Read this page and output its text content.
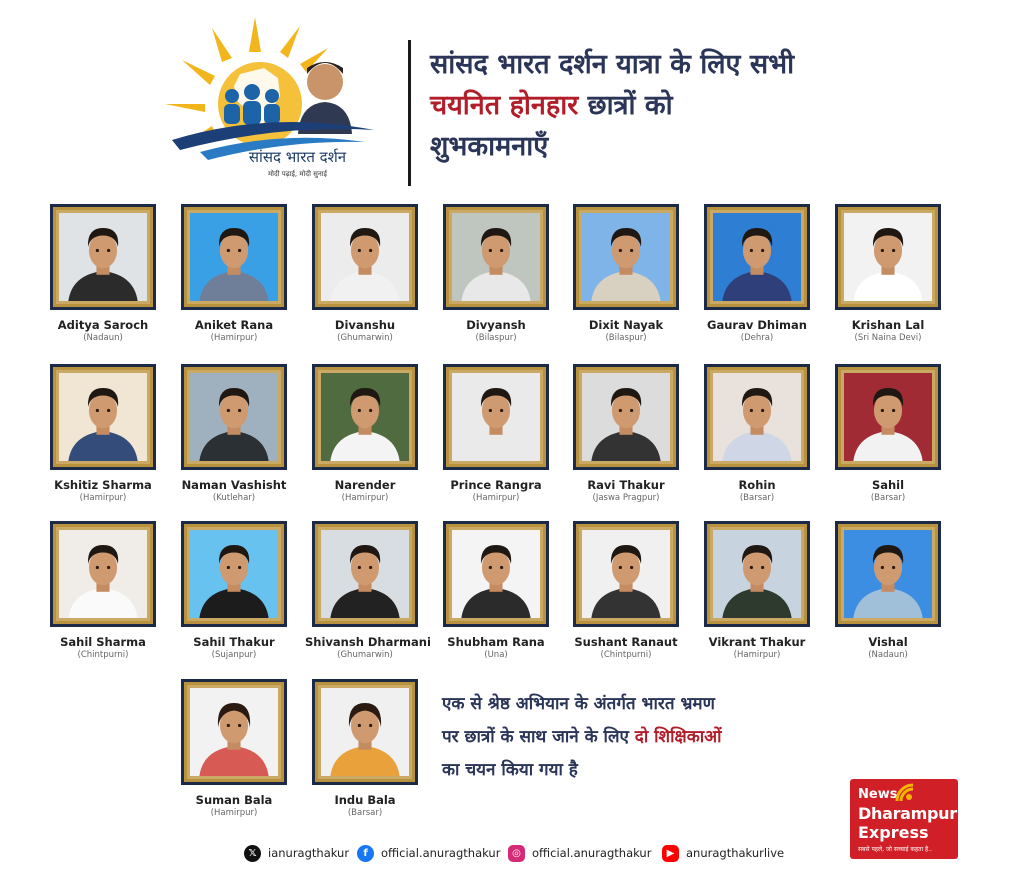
सांसद भारत दर्शन
मोदी पढ़ाई, मोदी सुनाई
सांसद भारत दर्शन यात्रा के लिए सभी
चयनित होनहार छात्रों को
शुभकामनाएँ
Aditya Saroch
(Nadaun)
Aniket Rana
(Hamirpur)
Divanshu
(Ghumarwin)
Divyansh
(Bilaspur)
Dixit Nayak
(Bilaspur)
Gaurav Dhiman
(Dehra)
Krishan Lal
(Sri Naina Devi)
Kshitiz Sharma
(Hamirpur)
Naman Vashisht
(Kutlehar)
Narender
(Hamirpur)
Prince Rangra
(Hamirpur)
Ravi Thakur
(Jaswa Pragpur)
Rohin
(Barsar)
Sahil
(Barsar)
Sahil Sharma
(Chintpurni)
Sahil Thakur
(Sujanpur)
Shivansh Dharmani
(Ghumarwin)
Shubham Rana
(Una)
Sushant Ranaut
(Chintpurni)
Vikrant Thakur
(Hamirpur)
Vishal
(Nadaun)
Suman Bala
(Hamirpur)
Indu Bala
(Barsar)
एक से श्रेष्ठ अभियान के अंतर्गत भारत भ्रमण
पर छात्रों के साथ जाने के लिए दो शिक्षिकाओं
का चयन किया गया है
𝕏 ianuragthakur	f	official.anuragthakur	◎ official.anuragthakur	▶	anuragthakurlive
News
Dharampur
Express
सबसे पहले, जो सच्चाई कहता है..
